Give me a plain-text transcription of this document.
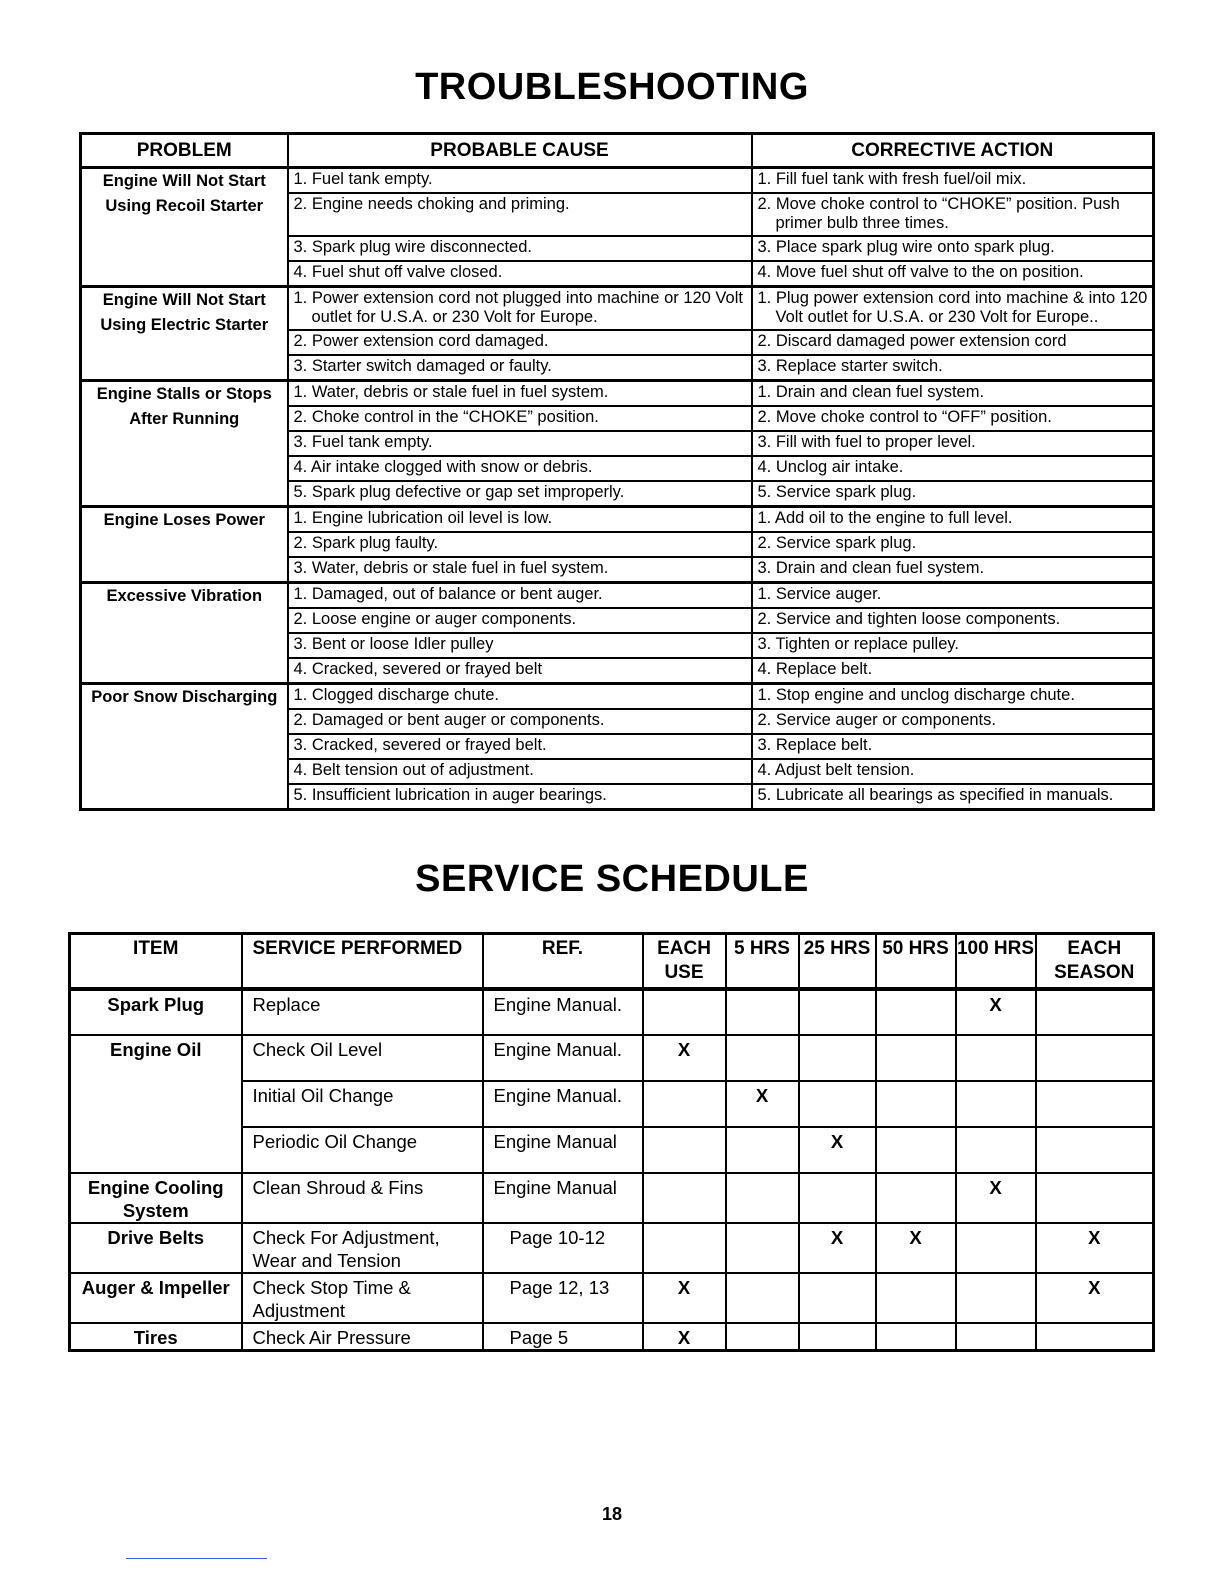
TROUBLESHOOTING
PROBLEM	PROBABLE CAUSE	CORRECTIVE ACTION
Engine Will Not Start Using Recoil Starter	1. Fuel tank empty.	1. Fill fuel tank with fresh fuel/oil mix.

	2. Engine needs choking and priming.	2. Move choke control to “CHOKE” position. Push primer bulb three times.

	3. Spark plug wire disconnected.	3. Place spark plug wire onto spark plug.

	4. Fuel shut off valve closed.	4. Move fuel shut off valve to the on position.

Engine Will Not Start Using Electric Starter	1. Power extension cord not plugged into machine or 120 Volt outlet for U.S.A. or 230 Volt for Europe.	1. Plug power extension cord into machine & into 120 Volt outlet for U.S.A. or 230 Volt for Europe..

	2. Power extension cord damaged.	2. Discard damaged power extension cord

	3. Starter switch damaged or faulty.	3. Replace starter switch.

Engine Stalls or Stops After Running	1. Water, debris or stale fuel in fuel system.	1. Drain and clean fuel system.

	2. Choke control in the “CHOKE” position.	2. Move choke control to “OFF” position.

	3. Fuel tank empty.	3. Fill with fuel to proper level.

	4. Air intake clogged with snow or debris.	4. Unclog air intake.

	5. Spark plug defective or gap set improperly.	5. Service spark plug.

Engine Loses Power	1. Engine lubrication oil level is low.	1. Add oil to the engine to full level.

	2. Spark plug faulty.	2. Service spark plug.

	3. Water, debris or stale fuel in fuel system.	3. Drain and clean fuel system.

Excessive Vibration	1. Damaged, out of balance or bent auger.	1. Service auger.

	2. Loose engine or auger components.	2. Service and tighten loose components.

	3. Bent or loose Idler pulley	3. Tighten or replace pulley.

	4. Cracked, severed or frayed belt	4. Replace belt.

Poor Snow Discharging	1. Clogged discharge chute.	1. Stop engine and unclog discharge chute.

	2. Damaged or bent auger or components.	2. Service auger or components.

	3. Cracked, severed or frayed belt.	3. Replace belt.

	4. Belt tension out of adjustment.	4. Adjust belt tension.

	5. Insufficient lubrication in auger bearings.	5. Lubricate all bearings as specified in manuals.
SERVICE SCHEDULE
ITEM	SERVICE PERFORMED	REF.	EACH USE	5 HRS	25 HRS	50 HRS	100 HRS	EACH SEASON
Spark Plug	Replace	Engine Manual.					X	
Engine Oil	Check Oil Level	Engine Manual.	X					
	Initial Oil Change	Engine Manual.		X				
	Periodic Oil Change	Engine Manual			X			
Engine Cooling System	Clean Shroud & Fins	Engine Manual					X	
Drive Belts	Check For Adjustment, Wear and Tension	Page 10-12			X	X		X
Auger & Impeller	Check Stop Time & Adjustment	Page 12, 13	X					X
Tires	Check Air Pressure	Page 5	X					
18
